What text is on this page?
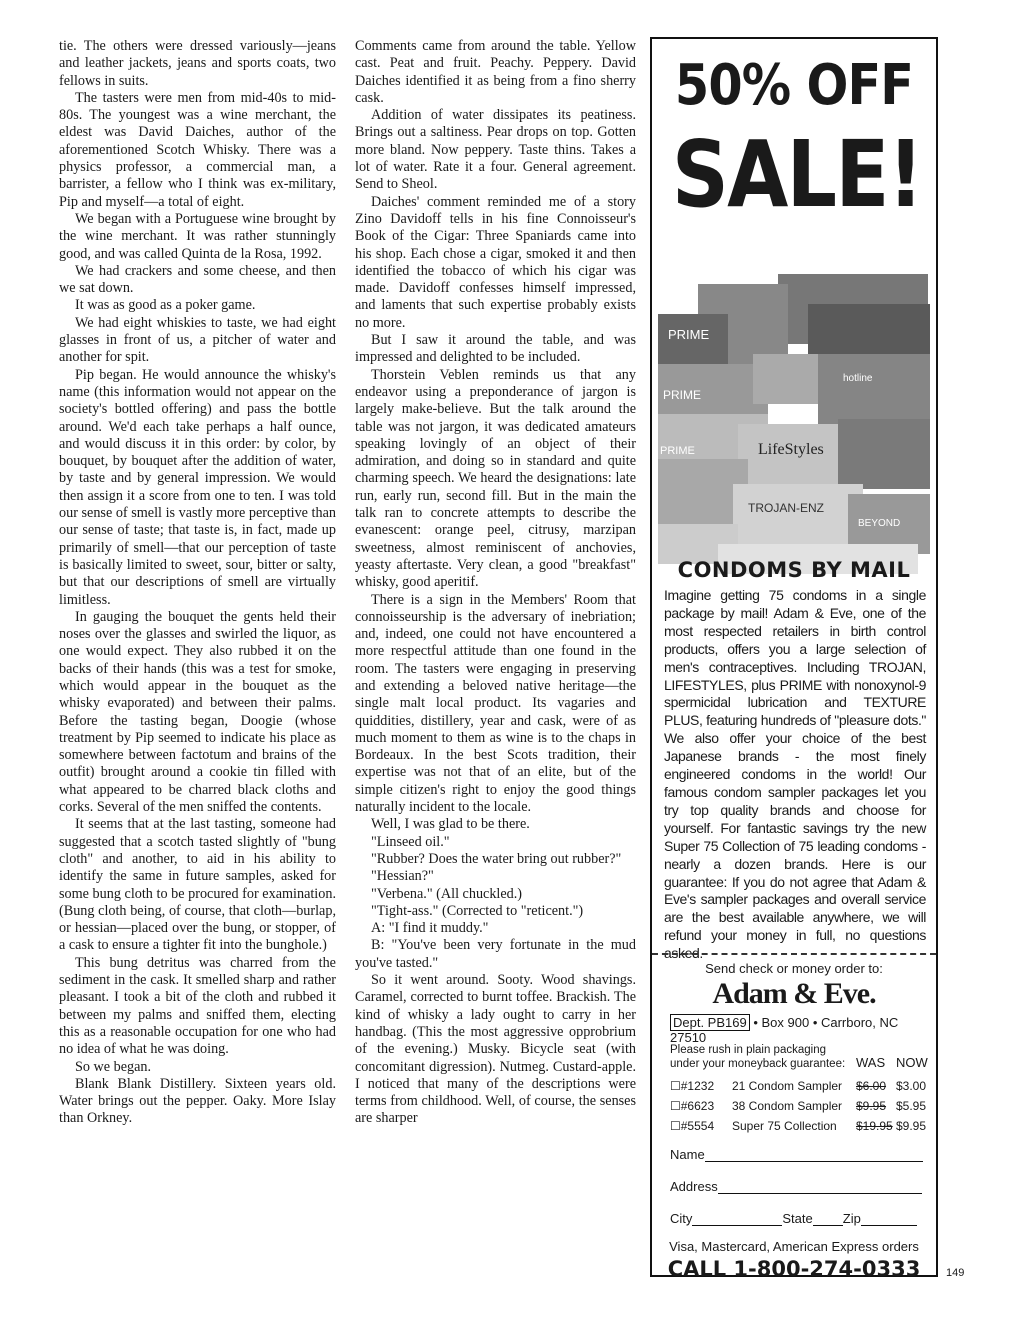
tie. The others were dressed variously—jeans and leather jackets, jeans and sports coats, two fellows in suits.

The tasters were men from mid-40s to mid-80s. The youngest was a wine merchant, the eldest was David Daiches, author of the aforementioned Scotch Whisky. There was a physics professor, a commercial man, a barrister, a fellow who I think was ex-military, Pip and myself—a total of eight.

We began with a Portuguese wine brought by the wine merchant. It was rather stunningly good, and was called Quinta de la Rosa, 1992.

We had crackers and some cheese, and then we sat down.

It was as good as a poker game.

We had eight whiskies to taste, we had eight glasses in front of us, a pitcher of water and another for spit.

Pip began. He would announce the whisky's name (this information would not appear on the society's bottled offering) and pass the bottle around. We'd each take perhaps a half ounce, and would discuss it in this order: by color, by bouquet, by bouquet after the addition of water, by taste and by general impression. We would then assign it a score from one to ten. I was told our sense of smell is vastly more perceptive than our sense of taste; that taste is, in fact, made up primarily of smell—that our perception of taste is basically limited to sweet, sour, bitter or salty, but that our descriptions of smell are virtually limitless.

In gauging the bouquet the gents held their noses over the glasses and swirled the liquor, as one would expect. They also rubbed it on the backs of their hands (this was a test for smoke, which would appear in the bouquet as the whisky evaporated) and between their palms. Before the tasting began, Doogie (whose treatment by Pip seemed to indicate his place as somewhere between factotum and brains of the outfit) brought around a cookie tin filled with what appeared to be charred black cloths and corks. Several of the men sniffed the contents.

It seems that at the last tasting, someone had suggested that a scotch tasted slightly of "bung cloth" and another, to aid in his ability to identify the same in future samples, asked for some bung cloth to be procured for examination. (Bung cloth being, of course, that cloth—burlap, or hessian—placed over the bung, or stopper, of a cask to ensure a tighter fit into the bunghole.)

This bung detritus was charred from the sediment in the cask. It smelled sharp and rather pleasant. I took a bit of the cloth and rubbed it between my palms and sniffed them, electing this as a reasonable occupation for one who had no idea of what he was doing.

So we began.

Blank Blank Distillery. Sixteen years old. Water brings out the pepper. Oaky. More Islay than Orkney.

Comments came from around the table. Yellow cast. Peat and fruit. Peachy. Peppery. David Daiches identified it as being from a fino sherry cask.

Addition of water dissipates its peatiness. Brings out a saltiness. Pear drops on top. Gotten more bland. Now peppery. Taste thins. Takes a lot of water. Rate it a four. General agreement. Send to Sheol.

Daiches' comment reminded me of a story Zino Davidoff tells in his fine Connoisseur's Book of the Cigar: Three Spaniards came into his shop. Each chose a cigar, smoked it and then identified the tobacco of which his cigar was made. Davidoff confesses himself impressed, and laments that such expertise probably exists no more.

But I saw it around the table, and was impressed and delighted to be included.

Thorstein Veblen reminds us that any endeavor using a preponderance of jargon is largely make-believe. But the talk around the table was not jargon, it was dedicated amateurs speaking lovingly of an object of their admiration, and doing so in standard and quite charming speech. We heard the designations: late run, early run, second fill. But in the main the talk ran to concrete attempts to describe the evanescent: orange peel, citrusy, marzipan sweetness, almost reminiscent of anchovies, yeasty aftertaste. Very clean, a good "breakfast" whisky, good aperitif.

There is a sign in the Members' Room that connoisseurship is the adversary of inebriation; and, indeed, one could not have encountered a more respectful attitude than one found in the room. The tasters were engaging in preserving and extending a beloved native heritage—the single malt local product. Its vagaries and quiddities, distillery, year and cask, were of as much moment to them as wine is to the chaps in Bordeaux. In the best Scots tradition, their expertise was not that of an elite, but of the simple citizen's right to enjoy the good things naturally incident to the locale.

Well, I was glad to be there.

"Linseed oil."

"Rubber? Does the water bring out rubber?"

"Hessian?"

"Verbena." (All chuckled.)

"Tight-ass." (Corrected to "reticent.")

A: "I find it muddy."

B: "You've been very fortunate in the mud you've tasted."

So it went around. Sooty. Wood shavings. Caramel, corrected to burnt toffee. Brackish. The kind of whisky a lady ought to carry in her handbag. (This the most aggressive opprobrium of the evening.) Musky. Bicycle seat (with concomitant digression). Nutmeg. Custard-apple. I noticed that many of the descriptions were terms from childhood. Well, of course, the senses are sharper

50% OFF
SALE!
PRIME
PRIME
PRIME	LifeStyles
TROJAN-ENZ
BEYOND
hotline
CONDOMS BY MAIL
Imagine getting 75 condoms in a single package by mail! Adam & Eve, one of the most respected retailers in birth control products, offers you a large selection of men's contraceptives. Including TROJAN, LIFESTYLES, plus PRIME with nonoxynol-9 spermicidal lubrication and TEXTURE PLUS, featuring hundreds of "pleasure dots." We also offer your choice of the best Japanese brands - the most finely engineered condoms in the world! Our famous condom sampler packages let you try top quality brands and choose for yourself. For fantastic savings try the new Super 75 Collection of 75 leading condoms - nearly a dozen brands. Here is our guarantee: If you do not agree that Adam & Eve's sampler packages and overall service are the best available anywhere, we will refund your money in full, no questions asked.
Send check or money order to:
Adam & Eve.
Dept. PB169 • Box 900 • Carrboro, NC 27510
Please rush in plain packaging
under your moneyback guarantee: WAS NOW
☐#1232 21 Condom Sampler $6.00 $3.00
☐#6623 38 Condom Sampler $9.95 $5.95
☐#5554 Super 75 Collection $19.95 $9.95
Name
Address
City	State Zip
Visa, Mastercard, American Express orders
CALL 1-800-274-0333	149
